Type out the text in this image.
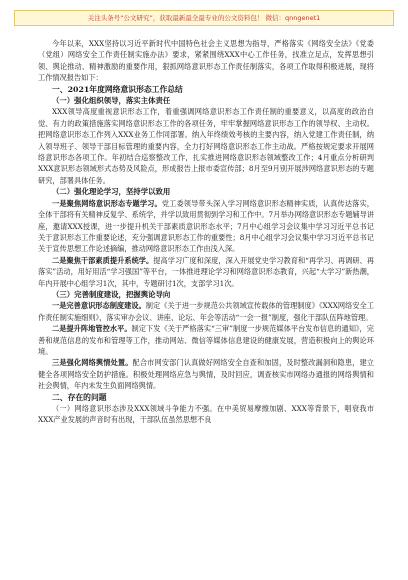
关注头条号“公文研究”，获取最新最全最专业的公文资料包！ 微信：qnngenet1

今年以来，XXX坚持以习近平新时代中国特色社会主义思想为指导，严格落实《网络安全法》《党委（党组）网络安全工作责任制实施办法》要求，紧紧围绕XXX中心工作任务，找准立足点，发挥思想引领、舆论推动、精神激励的重要作用，狠抓网络意识形态工作责任制落实，各项工作取得积极进展，现将工作情况报告如下：

一、2021年度网络意识形态工作总结
（一）强化组织领导，落实主体责任

XXX领导高度重视意识形态工作，着重强调网络意识形态工作责任制的重要意义，以高度的政治自觉、有力的政策措施落实网络意识形态工作的各项任务，牢牢掌握网络意识形态工作的领导权、主动权。把网络意识形态工作列入XXX业务工作同部署。纳入年终绩效考核的主要内容，纳入党建工作责任制，纳入领导班子、领导干部目标管理的重要内容，全力打好网络意识形态工作主动战。严格按规定要求开展网络意识形态各项工作。年初结合巡察整改工作，扎实推进网络意识形态领域整改工作；4月重点分析研判XXX意识形态领域形式态势及风险点，形成报告上报市委宣传部；8月至9月别开展涉网络意识形态的专题研究，部署具体任务。

（二）强化理论学习，坚持学以致用

一是聚焦网络意识形态专题学习。党工委领导带头深入学习网络意识形态精神实质，认真传达落实，全体干部将有关精神反复学、系统学，并学以致用贯彻到学习和工作中。7月举办网络意识形态专题辅导讲座，邀请XXX授课，进一步提升机关干部素质意识形态水平；7月中心组学习会议集中学习习近平总书记关于意识形态工作重要论述，充分强调意识形态工作的重要性；8月中心组学习会议集中学习习近平总书记关于宣传思想工作论述摘编，推动网络意识形态工作由浅入深。

二是聚焦干部素质提升系统学。提高学习广度和深度，深入开展党史学习教育和“再学习、再调研、再落实”活动，用好用活“学习强国”等平台，一体推进理论学习和网络意识形态教育，兴起“大学习”新热潮，年内开展中心组学习1次，其中，专题研讨1次，支部学习1次。

（三）完善制度建设，把握舆论导向

一是完善意识形态制度建设。制定《关于进一步规范公共领域宣传载体的管理制度》《XXX网络安全工作责任制实施细则》，落实审办会议、讲座、论坛、年会等活动“一会一报”制度，强化干部队伍阵地管理。

二是提升阵地管控水平。制定下发《关于严格落实“三审”制度一步规范媒体平台发布信息的通知》，完善和规范信息的发布和管理等工作，推动网站、微信等媒体信息建设的健康发展，营造积极向上的舆论环境。

三是强化网络舆情处置。配合市网安部门认真做好网络安全自查和加固，及时整改漏洞和隐患，建立健全各项网络安全防护措施。积极处理网络应急与舆情，及时回应，调查核实市网络办通报的网络舆情和社会舆情，年内未发生负面网络舆情。

二、存在的问题

（一）网络意识形态涉及XXX领域斗争能力不强。在中美贸易摩擦加剧、XXX等背景下，唱衰我市XXX产业发展的声音时有出现，干部队伍虽然思想不良
